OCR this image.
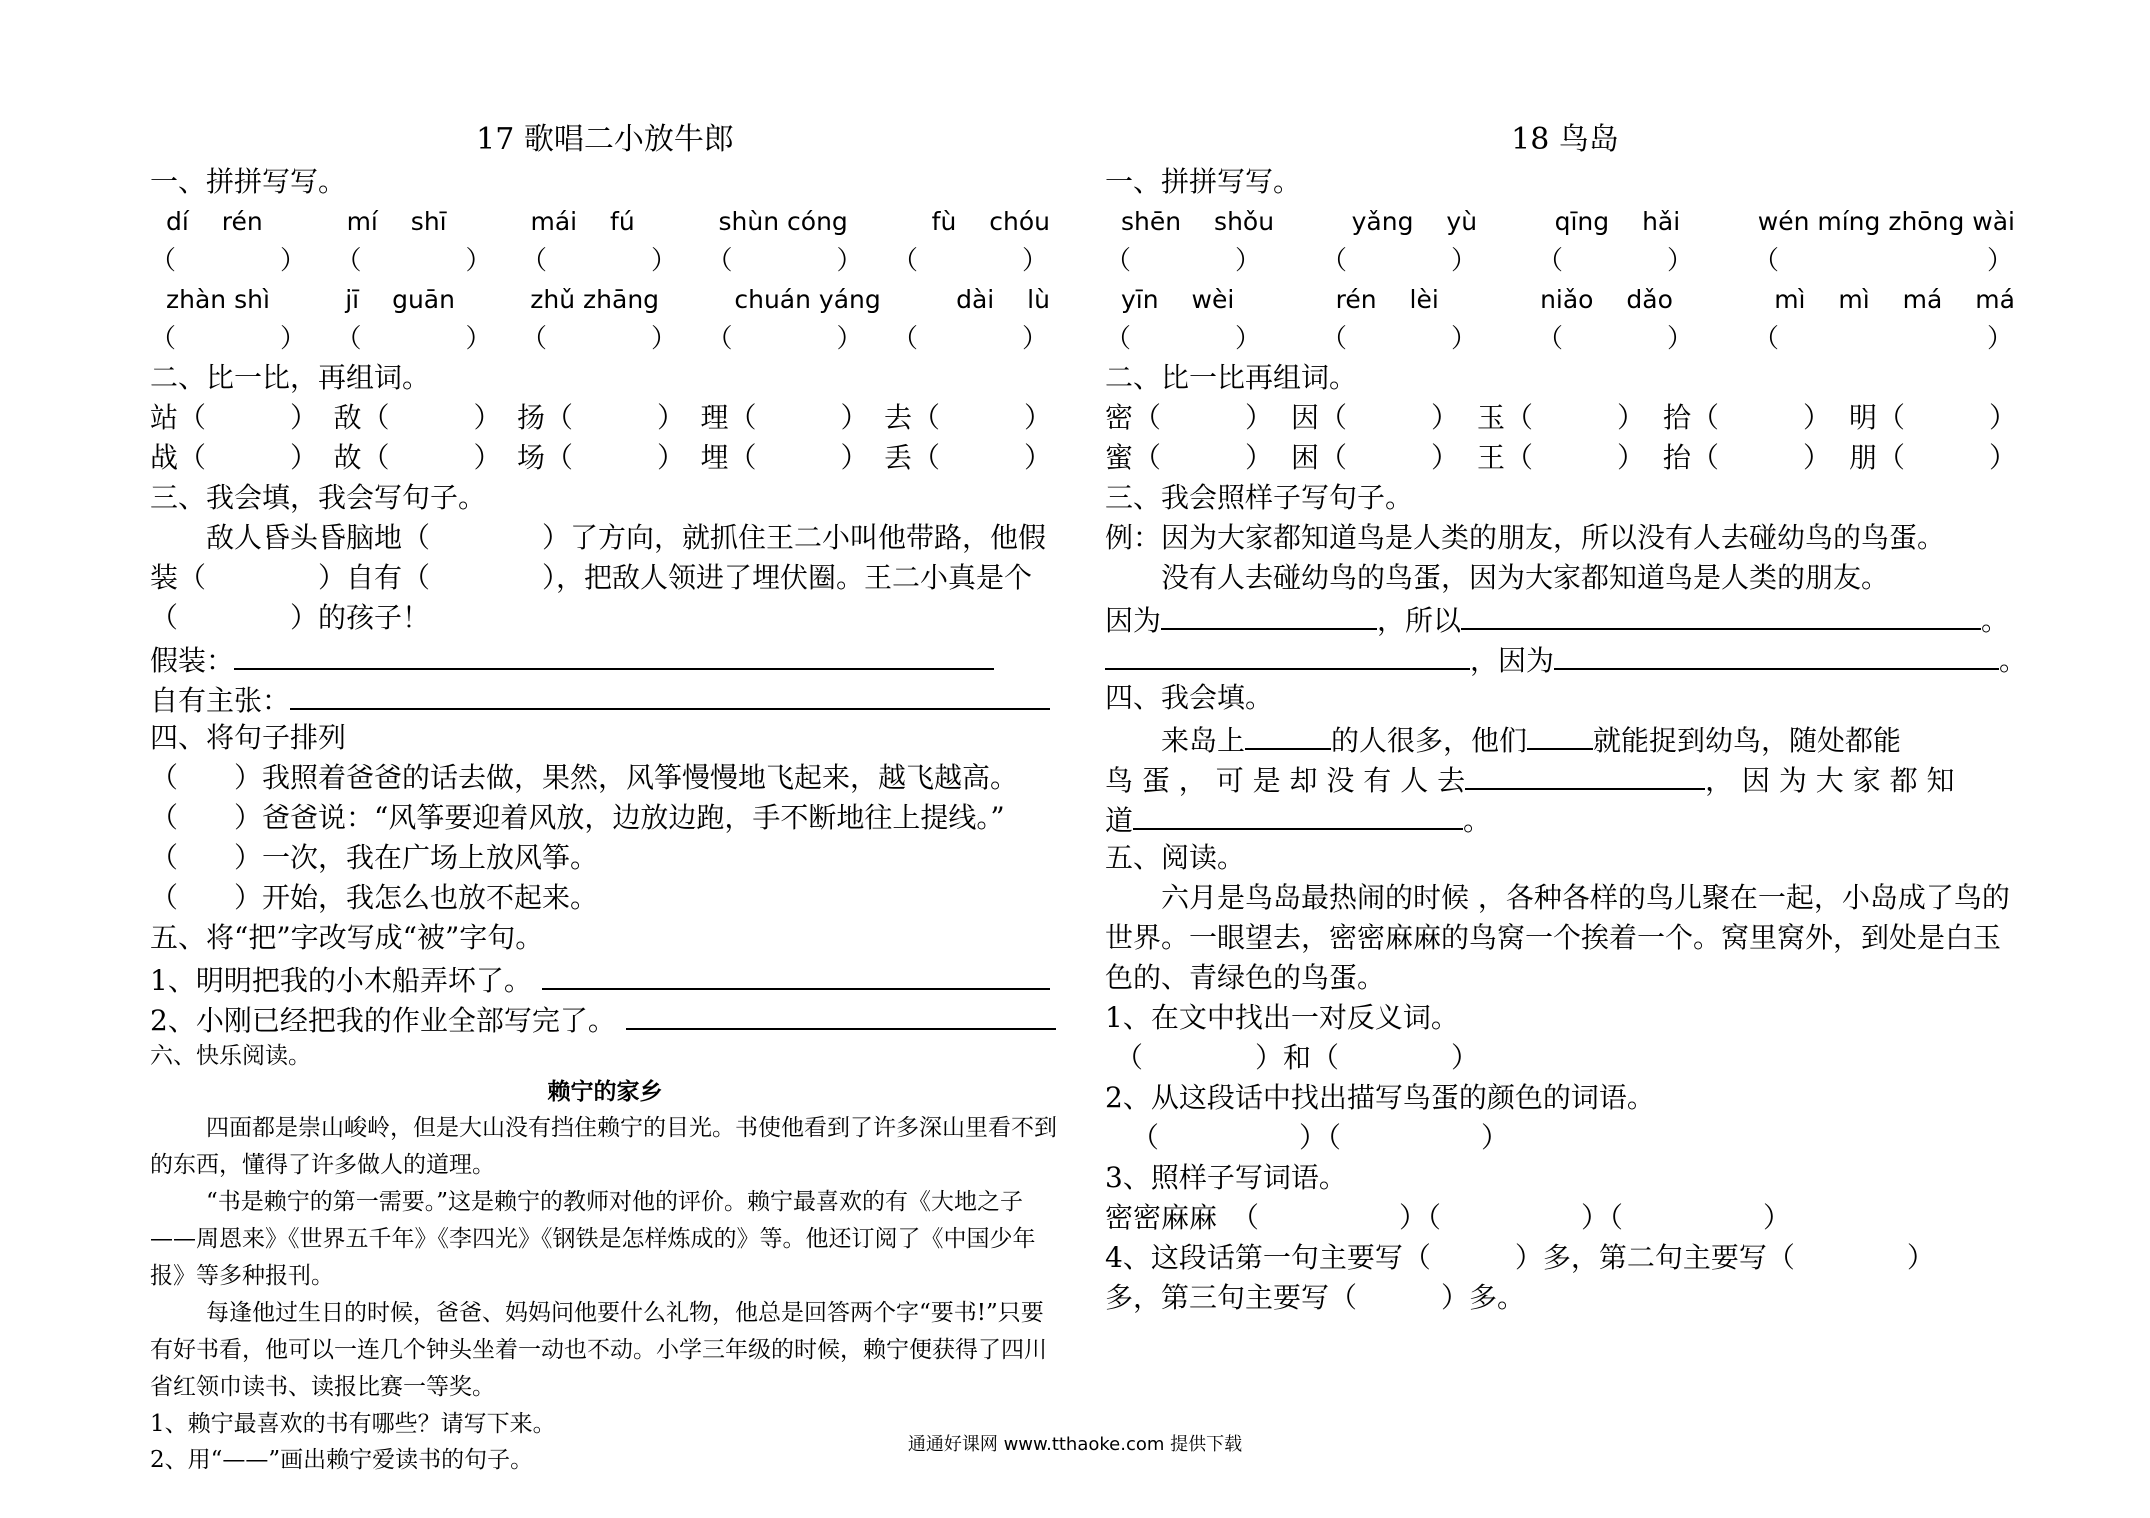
17 歌唱二小放牛郎
一、拼拼写写。
dí　 rén	mí　 shī	mái　 fú	shùn cóng	fù　 chóu
（　　　　） （　　　　） （　　　　） （　　　　） （　　　　）
zhàn shì	jī　 guān	zhǔ zhāng	chuán yáng	dài　 lù
（　　　　） （　　　　） （　　　　） （　　　　） （　　　　）
二、比一比，再组词。
站（　　　） 敌（　　　） 扬（　　　） 理（　　　） 去（　　　）
战（　　　） 故（　　　） 场（　　　） 埋（　　　） 丢（　　　）
三、我会填，我会写句子。
敌人昏头昏脑地（　　　　）了方向，就抓住王二小叫他带路，他假装（　　　　）自有（　　　　），把敌人领进了埋伏圈。王二小真是个（　　　　）的孩子！
假装：
自有主张：
四、将句子排列
（　　）我照着爸爸的话去做，果然，风筝慢慢地飞起来，越飞越高。
（　　）爸爸说：“风筝要迎着风放，边放边跑，手不断地往上提线。”
（　　）一次，我在广场上放风筝。
（　　）开始，我怎么也放不起来。
五、将“把”字改写成“被”字句。
1、明明把我的小木船弄坏了。
2、小刚已经把我的作业全部写完了。
六、快乐阅读。
赖宁的家乡
四面都是崇山峻岭，但是大山没有挡住赖宁的目光。书使他看到了许多深山里看不到的东西，懂得了许多做人的道理。
“书是赖宁的第一需要。”这是赖宁的教师对他的评价。赖宁最喜欢的有《大地之子——周恩来》《世界五千年》《李四光》《钢铁是怎样炼成的》等。他还订阅了《中国少年报》等多种报刊。
每逢他过生日的时候，爸爸、妈妈问他要什么礼物，他总是回答两个字“要书!”只要有好书看，他可以一连几个钟头坐着一动也不动。小学三年级的时候，赖宁便获得了四川省红领巾读书、读报比赛一等奖。
1、赖宁最喜欢的书有哪些？请写下来。
2、用“——”画出赖宁爱读书的句子。
18 鸟岛
一、拼拼写写。
shēn　 shǒu	yǎng　 yù	qīng　 hǎi	wén míng zhōng wài
（　　　　） （　　　　） （　　　　） （　　　　　　　　）
yīn　 wèi	rén　 lèi	niǎo　 dǎo	mì　 mì　 má　 má
（　　　　） （　　　　） （　　　　） （　　　　　　　　）
二、比一比再组词。
密（　　　） 因（　　　） 玉（　　　） 拾（　　　） 明（　　　）
蜜（　　　） 困（　　　） 王（　　　） 抬（　　　） 朋（　　　）
三、我会照样子写句子。
例：因为大家都知道鸟是人类的朋友，所以没有人去碰幼鸟的鸟蛋。
没有人去碰幼鸟的鸟蛋，因为大家都知道鸟是人类的朋友。
因为	，所以	。
，因为	。
四、我会填。
来岛上	的人很多，他们 就能捉到幼鸟，随处都能
鸟 蛋 ， 可 是 却 没 有 人 去	， 因 为 大 家 都 知
道	。
五、阅读。
六月是鸟岛最热闹的时候 ，各种各样的鸟儿聚在一起，小岛成了鸟的世界。一眼望去，密密麻麻的鸟窝一个挨着一个。窝里窝外，到处是白玉色的、青绿色的鸟蛋。
1、在文中找出一对反义词。
（　　　　）和（　　　　）
2、从这段话中找出描写鸟蛋的颜色的词语。
（　　　　　）（　　　　　）
3、照样子写词语。
密密麻麻　（　　　　　）（　　　　　）（　　　　　）
4、这段话第一句主要写（　　　）多，第二句主要写（　　　　）
多，第三句主要写（　　　）多。
通通好课网 www.tthaoke.com 提供下载
